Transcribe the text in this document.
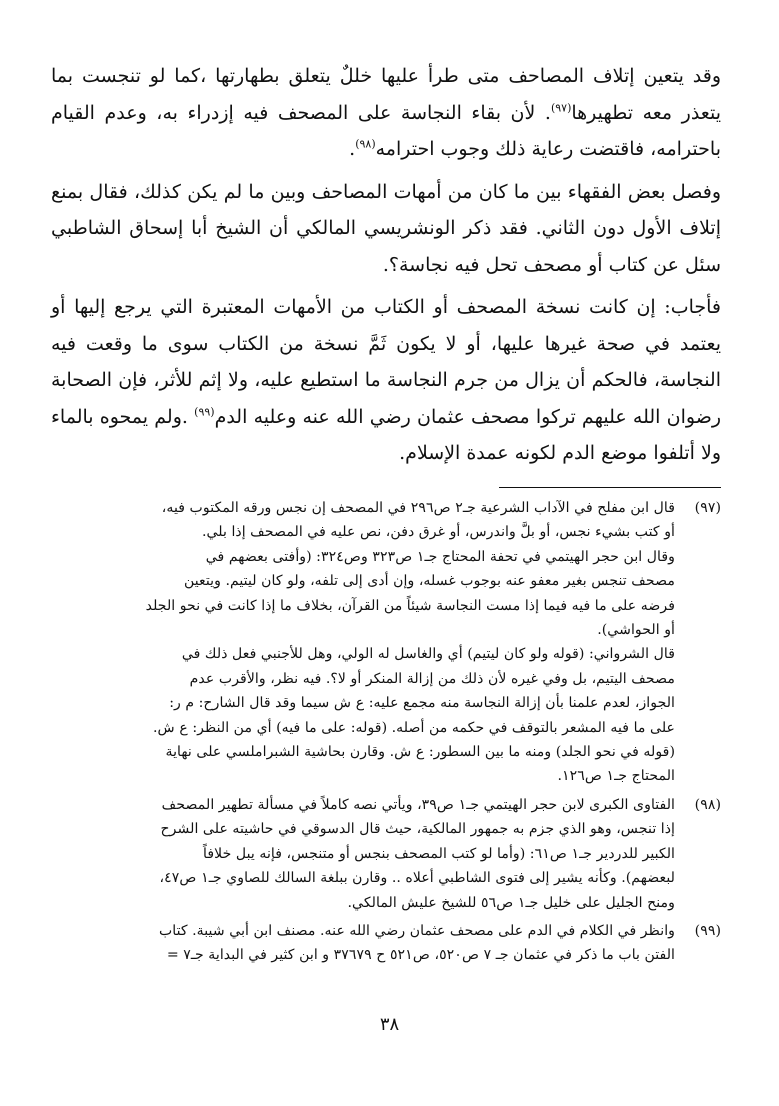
وقد يتعين إتلاف المصاحف متى طرأ عليها خللٌ يتعلق بطهارتها ،كما لو تنجست بما يتعذر معه تطهيرها$^{(٩٧)}$. لأن بقاء النجاسة على المصحف فيه إزدراء به، وعدم القيام باحترامه، فاقتضت رعاية ذلك وجوب احترامه$^{(٩٨)}$.

وفصل بعض الفقهاء بين ما كان من أمهات المصاحف وبين ما لم يكن كذلك، فقال بمنع إتلاف الأول دون الثاني. فقد ذكر الونشريسي المالكي أن الشيخ أبا إسحاق الشاطبي سئل عن كتاب أو مصحف تحل فيه نجاسة؟.

فأجاب: إن كانت نسخة المصحف أو الكتاب من الأمهات المعتبرة التي يرجع إليها أو يعتمد في صحة غيرها عليها، أو لا يكون ثَمَّ نسخة من الكتاب سوى ما وقعت فيه النجاسة، فالحكم أن يزال من جرم النجاسة ما استطيع عليه، ولا إثم للأثر، فإن الصحابة رضوان الله عليهم تركوا مصحف عثمان رضي الله عنه وعليه الدم$^{(٩٩)}$ .ولم يمحوه بالماء ولا أتلفوا موضع الدم لكونه عمدة الإسلام.

(٩٧)
قال ابن مفلح في الآداب الشرعية جـ٢ ص٢٩٦ في المصحف إن نجس ورقه المكتوب فيه،
أو كتب بشيء نجس، أو بلَّ واندرس، أو غرق دفن، نص عليه في المصحف إذا بلي.
وقال ابن حجر الهيتمي في تحفة المحتاج جـ١ ص٣٢٣ وص٣٢٤: (وأفتى بعضهم في
مصحف تنجس بغير معفو عنه بوجوب غسله، وإن أدى إلى تلفه، ولو كان ليتيم. ويتعين
فرضه على ما فيه فيما إذا مست النجاسة شيئاً من القرآن، بخلاف ما إذا كانت في نحو الجلد
أو الحواشي).
قال الشرواني: (قوله ولو كان ليتيم) أي والغاسل له الولي، وهل للأجنبي فعل ذلك في
مصحف اليتيم، بل وفي غيره لأن ذلك من إزالة المنكر أو لا؟. فيه نظر، والأقرب عدم
الجواز، لعدم علمنا بأن إزالة النجاسة منه مجمع عليه: ع ش سيما وقد قال الشارح: م ر:
على ما فيه المشعر بالتوقف في حكمه من أصله. (قوله: على ما فيه) أي من النظر: ع ش.
(قوله في نحو الجلد) ومنه ما بين السطور: ع ش. وقارن بحاشية الشبراملسي على نهاية
المحتاج جـ١ ص١٢٦.
(٩٨)
الفتاوى الكبرى لابن حجر الهيتمي جـ١ ص٣٩، ويأتي نصه كاملاً في مسألة تطهير المصحف
إذا تنجس، وهو الذي جزم به جمهور المالكية، حيث قال الدسوقي في حاشيته على الشرح
الكبير للدردير جـ١ ص٦١: (وأما لو كتب المصحف بنجس أو متنجس، فإنه يبل خلافاً
لبعضهم). وكأنه يشير إلى فتوى الشاطبي أعلاه .. وقارن ببلغة السالك للصاوي جـ١ ص٤٧،
ومنح الجليل على خليل جـ١ ص٥٦ للشيخ عليش المالكي.
(٩٩)
وانظر في الكلام في الدم على مصحف عثمان رضي الله عنه. مصنف ابن أبي شيبة. كتاب
الفتن باب ما ذكر في عثمان جـ ٧ ص٥٢٠، ص٥٢١ ح ٣٧٦٧٩ و ابن كثير في البداية جـ٧ =
٣٨
